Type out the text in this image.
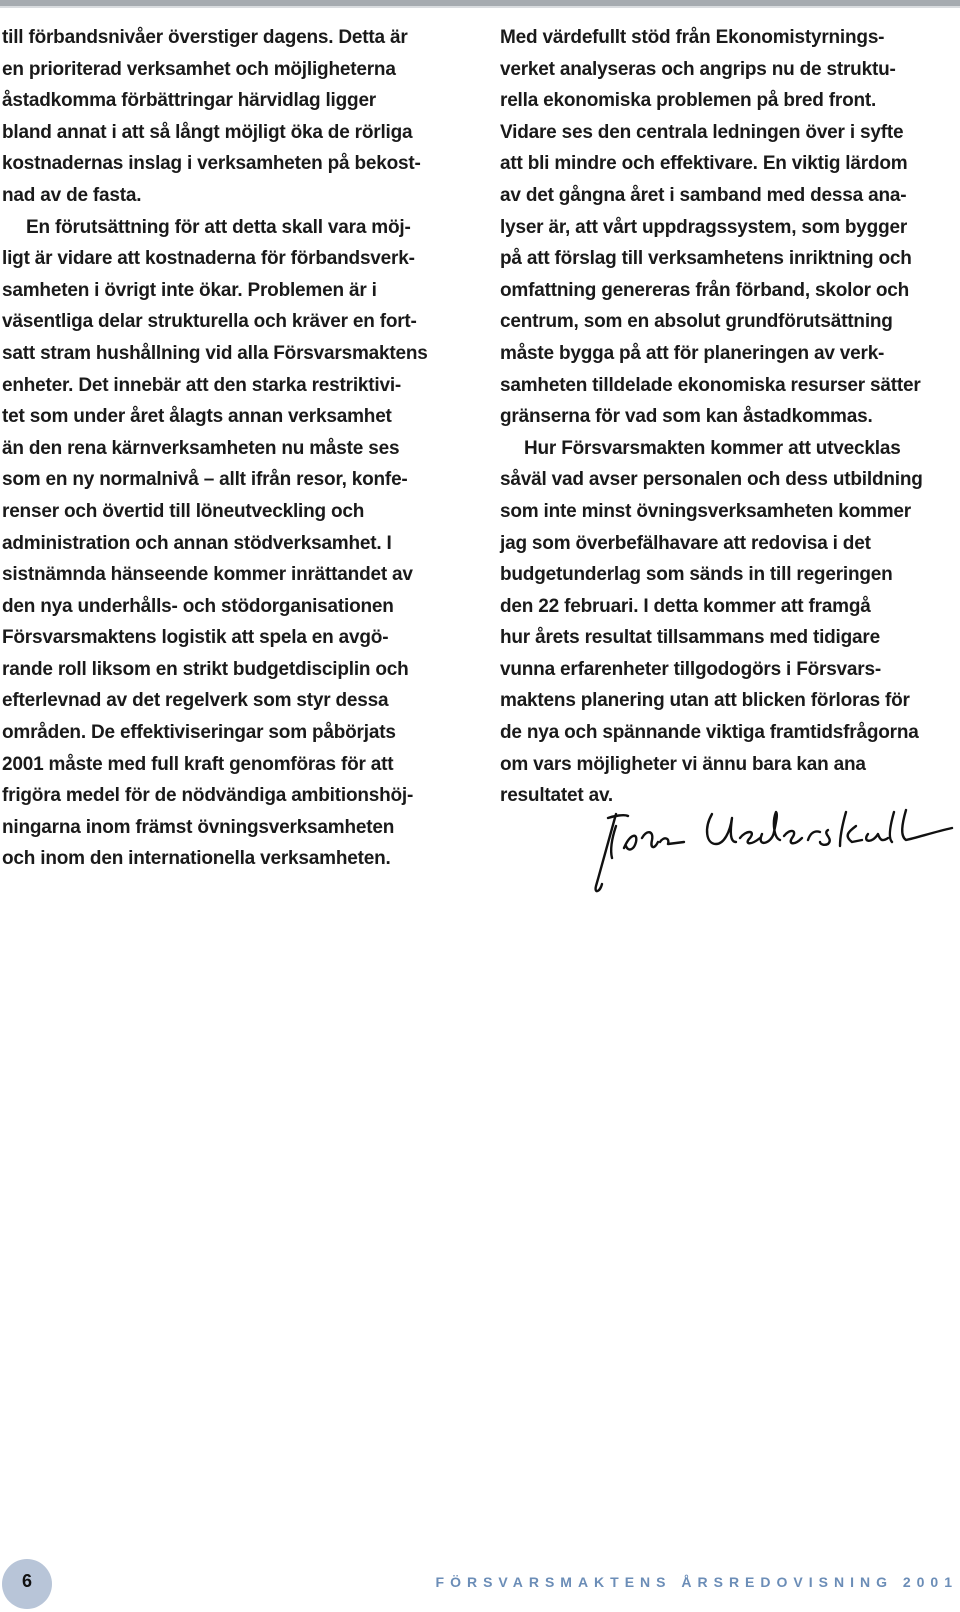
till förbandsnivåer överstiger dagens. Detta är
en prioriterad verksamhet och möjligheterna
åstadkomma förbättringar härvidlag ligger
bland annat i att så långt möjligt öka de rörliga
kostnadernas inslag i verksamheten på bekost-
nad av de fasta.
En förutsättning för att detta skall vara möj-
ligt är vidare att kostnaderna för förbandsverk-
samheten i övrigt inte ökar. Problemen är i
väsentliga delar strukturella och kräver en fort-
satt stram hushållning vid alla Försvarsmaktens
enheter. Det innebär att den starka restriktivi-
tet som under året ålagts annan verksamhet
än den rena kärnverksamheten nu måste ses
som en ny normalnivå – allt ifrån resor, konfe-
renser och övertid till löneutveckling och
administration och annan stödverksamhet. I
sistnämnda hänseende kommer inrättandet av
den nya underhålls- och stödorganisationen
Försvarsmaktens logistik att spela en avgö-
rande roll liksom en strikt budgetdisciplin och
efterlevnad av det regelverk som styr dessa
områden. De effektiviseringar som påbörjats
2001 måste med full kraft genomföras för att
frigöra medel för de nödvändiga ambitionshöj-
ningarna inom främst övningsverksamheten
och inom den internationella verksamheten.
Med värdefullt stöd från Ekonomistyrnings-
verket analyseras och angrips nu de struktu-
rella ekonomiska problemen på bred front.
Vidare ses den centrala ledningen över i syfte
att bli mindre och effektivare. En viktig lärdom
av det gångna året i samband med dessa ana-
lyser är, att vårt uppdragssystem, som bygger
på att förslag till verksamhetens inriktning och
omfattning genereras från förband, skolor och
centrum, som en absolut grundförutsättning
måste bygga på att för planeringen av verk-
samheten tilldelade ekonomiska resurser sätter
gränserna för vad som kan åstadkommas.
Hur Försvarsmakten kommer att utvecklas
såväl vad avser personalen och dess utbildning
som inte minst övningsverksamheten kommer
jag som överbefälhavare att redovisa i det
budgetunderlag som sänds in till regeringen
den 22 februari. I detta kommer att framgå
hur årets resultat tillsammans med tidigare
vunna erfarenheter tillgodogörs i Försvars-
maktens planering utan att blicken förloras för
de nya och spännande viktiga framtidsfrågorna
om vars möjligheter vi ännu bara kan ana
resultatet av.
6	FÖRSVARSMAKTENS ÅRSREDOVISNING 2001
